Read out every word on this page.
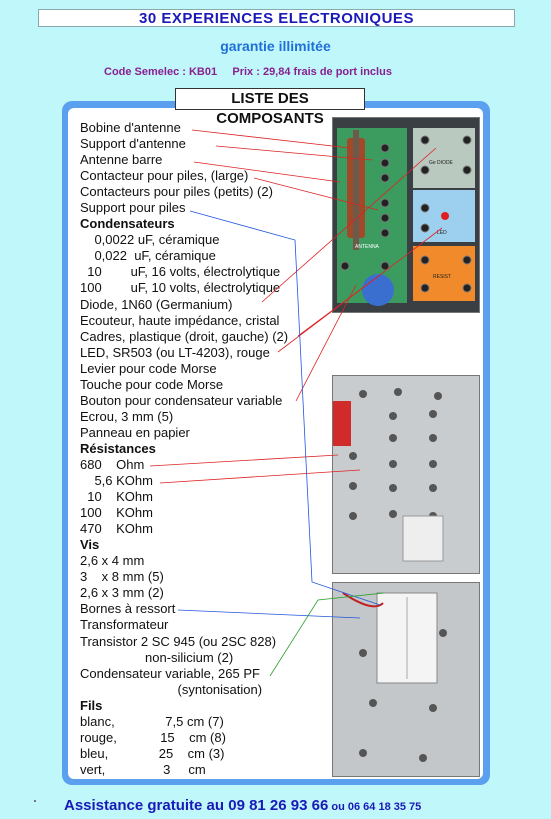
30 EXPERIENCES ELECTRONIQUES
garantie illimitée
Code Semelec : KB01     Prix : 29,84 frais de port inclus
LISTE DES COMPOSANTS
Bobine d'antenne
Support d'antenne
Antenne barre
Contacteur pour piles, (large)
Contacteurs pour piles (petits) (2)
Support pour piles
Condensateurs
0,0022 uF, céramique
0,022  uF, céramique
10        uF, 16 volts, électrolytique
100        uF, 10 volts, électrolytique
Diode, 1N60 (Germanium)
Ecouteur, haute impédance, cristal
Cadres, plastique (droit, gauche) (2)
LED, SR503 (ou LT-4203), rouge
Levier pour code Morse
Touche pour code Morse
Bouton pour condensateur variable
Ecrou, 3 mm (5)
Panneau en papier
Résistances
680    Ohm
5,6 KOhm
10    KOhm
100    KOhm
470    KOhm
Vis
2,6 x 4 mm
3    x 8 mm (5)
2,6 x 3 mm (2)
Bornes à ressort
Transformateur
Transistor 2 SC 945 (ou 2SC 828)
non-silicium (2)
Condensateur variable, 265 PF
(syntonisation)
Fils
blanc,              7,5 cm (7)
rouge,            15    cm (8)
bleu,              25    cm (3)
vert,                3     cm
ANTENNA
Ge DIODE
LED
RESIST
Assistance gratuite au 09 81 26 93 66 ou 06 64 18 35 75
